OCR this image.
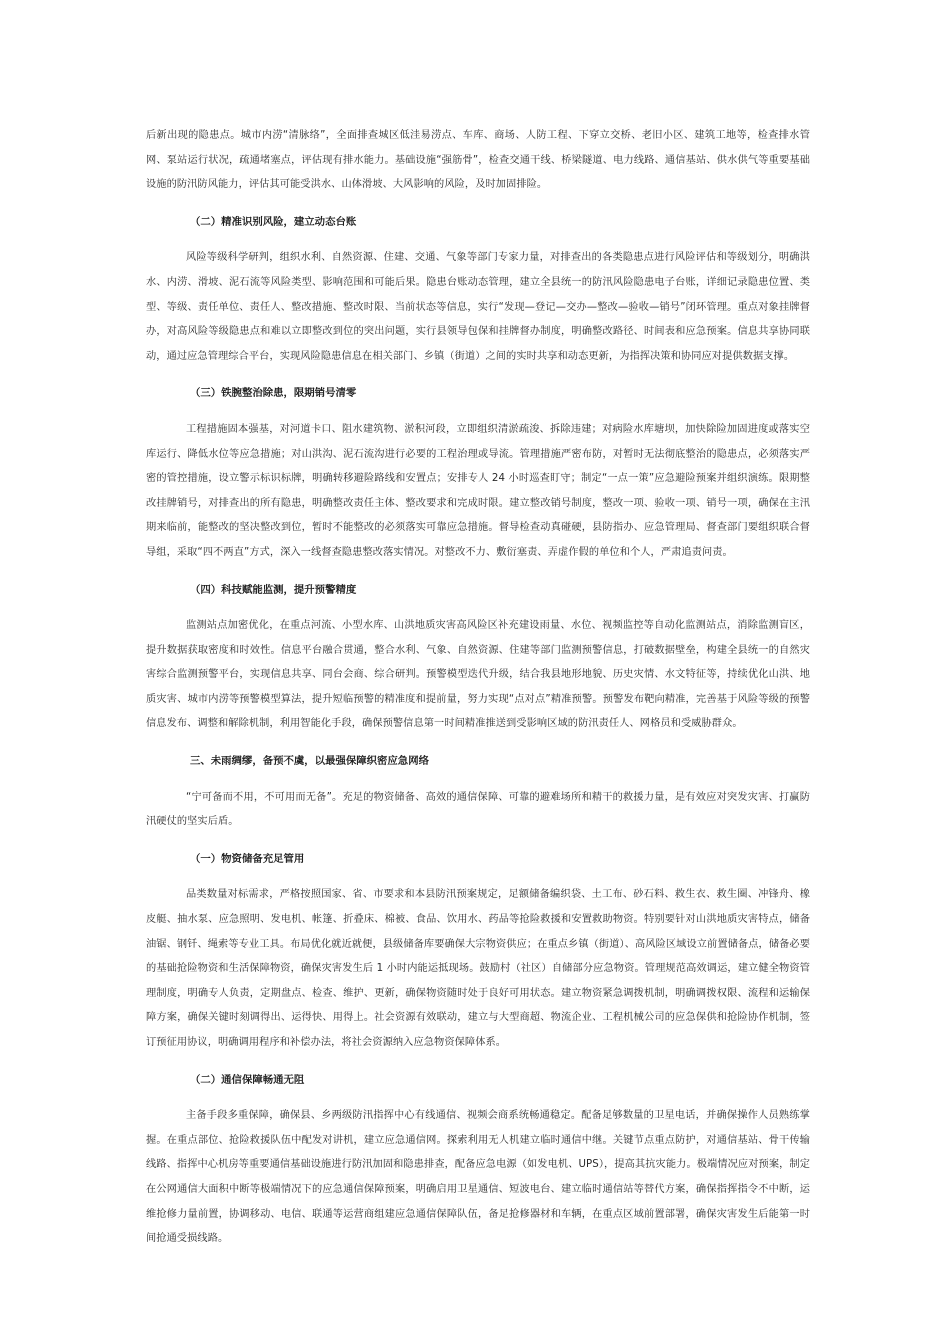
后新出现的隐患点。城市内涝“清脉络”，全面排查城区低洼易涝点、车库、商场、人防工程、下穿立交桥、老旧小区、建筑工地等，检查排水管网、泵站运行状况，疏通堵塞点，评估现有排水能力。基础设施“强筋骨”，检查交通干线、桥梁隧道、电力线路、通信基站、供水供气等重要基础设施的防汛防风能力，评估其可能受洪水、山体滑坡、大风影响的风险，及时加固排险。

（二）精准识别风险，建立动态台账

风险等级科学研判，组织水利、自然资源、住建、交通、气象等部门专家力量，对排查出的各类隐患点进行风险评估和等级划分，明确洪水、内涝、滑坡、泥石流等风险类型、影响范围和可能后果。隐患台账动态管理，建立全县统一的防汛风险隐患电子台账，详细记录隐患位置、类型、等级、责任单位、责任人、整改措施、整改时限、当前状态等信息，实行“发现—登记—交办—整改—验收—销号”闭环管理。重点对象挂牌督办，对高风险等级隐患点和难以立即整改到位的突出问题，实行县领导包保和挂牌督办制度，明确整改路径、时间表和应急预案。信息共享协同联动，通过应急管理综合平台，实现风险隐患信息在相关部门、乡镇（街道）之间的实时共享和动态更新，为指挥决策和协同应对提供数据支撑。

（三）铁腕整治除患，限期销号清零

工程措施固本强基，对河道卡口、阻水建筑物、淤积河段，立即组织清淤疏浚、拆除违建；对病险水库塘坝，加快除险加固进度或落实空库运行、降低水位等应急措施；对山洪沟、泥石流沟进行必要的工程治理或导流。管理措施严密布防，对暂时无法彻底整治的隐患点，必须落实严密的管控措施，设立警示标识标牌，明确转移避险路线和安置点；安排专人 24 小时巡查盯守；制定“一点一策”应急避险预案并组织演练。限期整改挂牌销号，对排查出的所有隐患，明确整改责任主体、整改要求和完成时限。建立整改销号制度，整改一项、验收一项、销号一项，确保在主汛期来临前，能整改的坚决整改到位，暂时不能整改的必须落实可靠应急措施。督导检查动真碰硬，县防指办、应急管理局、督查部门要组织联合督导组，采取“四不两直”方式，深入一线督查隐患整改落实情况。对整改不力、敷衍塞责、弄虚作假的单位和个人，严肃追责问责。

（四）科技赋能监测，提升预警精度

监测站点加密优化，在重点河流、小型水库、山洪地质灾害高风险区补充建设雨量、水位、视频监控等自动化监测站点，消除监测盲区，提升数据获取密度和时效性。信息平台融合贯通，整合水利、气象、自然资源、住建等部门监测预警信息，打破数据壁垒，构建全县统一的自然灾害综合监测预警平台，实现信息共享、同台会商、综合研判。预警模型迭代升级，结合我县地形地貌、历史灾情、水文特征等，持续优化山洪、地质灾害、城市内涝等预警模型算法，提升短临预警的精准度和提前量，努力实现“点对点”精准预警。预警发布靶向精准，完善基于风险等级的预警信息发布、调整和解除机制，利用智能化手段，确保预警信息第一时间精准推送到受影响区域的防汛责任人、网格员和受威胁群众。

三、未雨绸缪，备预不虞，以最强保障织密应急网络

“宁可备而不用，不可用而无备”。充足的物资储备、高效的通信保障、可靠的避难场所和精干的救援力量，是有效应对突发灾害、打赢防汛硬仗的坚实后盾。

（一）物资储备充足管用

品类数量对标需求，严格按照国家、省、市要求和本县防汛预案规定，足额储备编织袋、土工布、砂石料、救生衣、救生圈、冲锋舟、橡皮艇、抽水泵、应急照明、发电机、帐篷、折叠床、棉被、食品、饮用水、药品等抢险救援和安置救助物资。特别要针对山洪地质灾害特点，储备油锯、钢钎、绳索等专业工具。布局优化就近就便，县级储备库要确保大宗物资供应；在重点乡镇（街道）、高风险区域设立前置储备点，储备必要的基础抢险物资和生活保障物资，确保灾害发生后 1 小时内能运抵现场。鼓励村（社区）自储部分应急物资。管理规范高效调运，建立健全物资管理制度，明确专人负责，定期盘点、检查、维护、更新，确保物资随时处于良好可用状态。建立物资紧急调拨机制，明确调拨权限、流程和运输保障方案，确保关键时刻调得出、运得快、用得上。社会资源有效联动，建立与大型商超、物流企业、工程机械公司的应急保供和抢险协作机制，签订预征用协议，明确调用程序和补偿办法，将社会资源纳入应急物资保障体系。

（二）通信保障畅通无阻

主备手段多重保障，确保县、乡两级防汛指挥中心有线通信、视频会商系统畅通稳定。配备足够数量的卫星电话，并确保操作人员熟练掌握。在重点部位、抢险救援队伍中配发对讲机，建立应急通信网。探索利用无人机建立临时通信中继。关键节点重点防护，对通信基站、骨干传输线路、指挥中心机房等重要通信基础设施进行防汛加固和隐患排查，配备应急电源（如发电机、UPS），提高其抗灾能力。极端情况应对预案，制定在公网通信大面积中断等极端情况下的应急通信保障预案，明确启用卫星通信、短波电台、建立临时通信站等替代方案，确保指挥指令不中断，运维抢修力量前置，协调移动、电信、联通等运营商组建应急通信保障队伍，备足抢修器材和车辆，在重点区域前置部署，确保灾害发生后能第一时间抢通受损线路。
